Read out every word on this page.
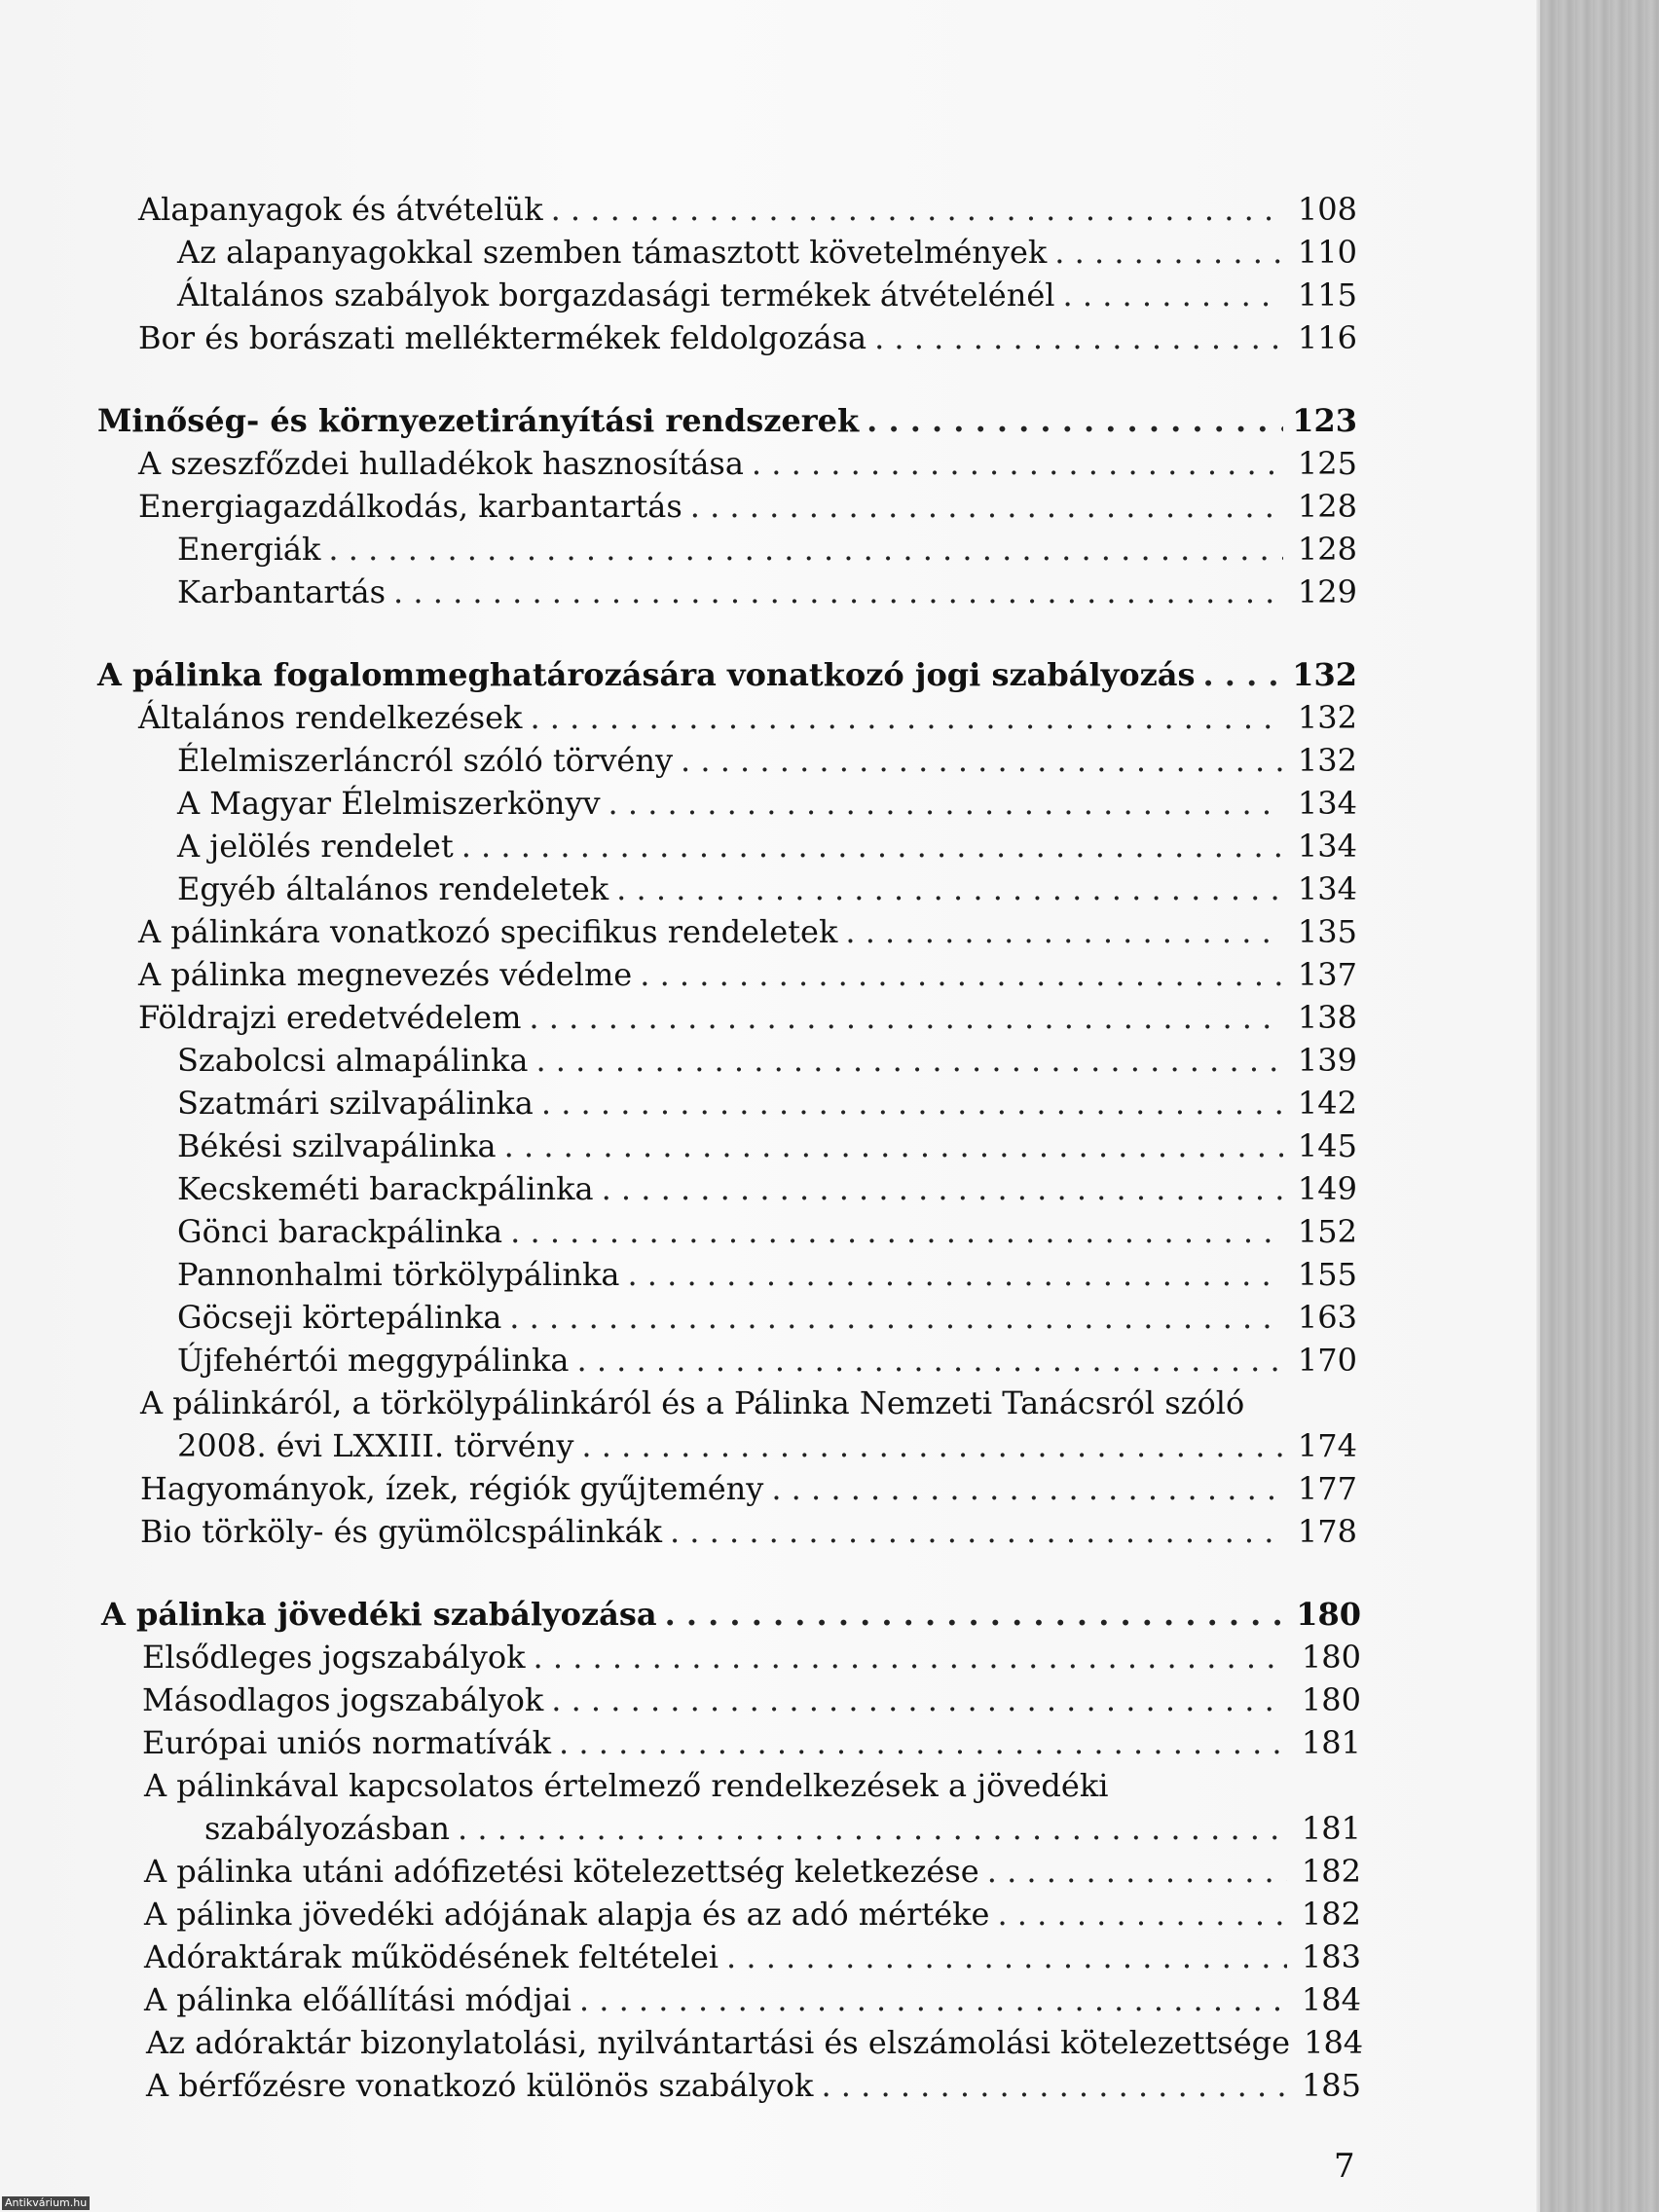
Alapanyagok és átvételük . . .	108
Az alapanyagokkal szemben támasztott követelmények . . .	110
Általános szabályok borgazdasági termékek átvételénél . . .	115
Bor és borászati melléktermékek feldolgozása . . .	116
Minőség- és környezetirányítási rendszerek . . .	123
A szeszfőzdei hulladékok hasznosítása . . .	125
Energiagazdálkodás, karbantartás . . .	128
Energiák . . .	128
Karbantartás . . .	129
A pálinka fogalommeghatározására vonatkozó jogi szabályozás . . .	132
Általános rendelkezések . . .	132
Élelmiszerláncról szóló törvény . . .	132
A Magyar Élelmiszerkönyv . . .	134
A jelölés rendelet . . .	134
Egyéb általános rendeletek . . .	134
A pálinkára vonatkozó specifikus rendeletek . . .	135
A pálinka megnevezés védelme . . .	137
Földrajzi eredetvédelem . . .	138
Szabolcsi almapálinka . . .	139
Szatmári szilvapálinka . . .	142
Békési szilvapálinka . . .	145
Kecskeméti barackpálinka . . .	149
Gönci barackpálinka . . .	152
Pannonhalmi törkölypálinka . . .	155
Göcseji körtepálinka . . .	163
Újfehértói meggypálinka . . .	170
A pálinkáról, a törkölypálinkáról és a Pálinka Nemzeti Tanácsról szóló
2008. évi LXXIII. törvény . . .	174
Hagyományok, ízek, régiók gyűjtemény . . .	177
Bio törköly- és gyümölcspálinkák . . .	178
A pálinka jövedéki szabályozása . . .	180
Elsődleges jogszabályok . . .	180
Másodlagos jogszabályok . . .	180
Európai uniós normatívák . . .	181
A pálinkával kapcsolatos értelmező rendelkezések a jövedéki
szabályozásban . . .	181
A pálinka utáni adófizetési kötelezettség keletkezése . . .	182
A pálinka jövedéki adójának alapja és az adó mértéke . . .	182
Adóraktárak működésének feltételei . . .	183
A pálinka előállítási módjai . . .	184
Az adóraktár bizonylatolási, nyilvántartási és elszámolási kötelezettsége 184
A bérfőzésre vonatkozó különös szabályok . . .	185
7
Antikvárium.hu
